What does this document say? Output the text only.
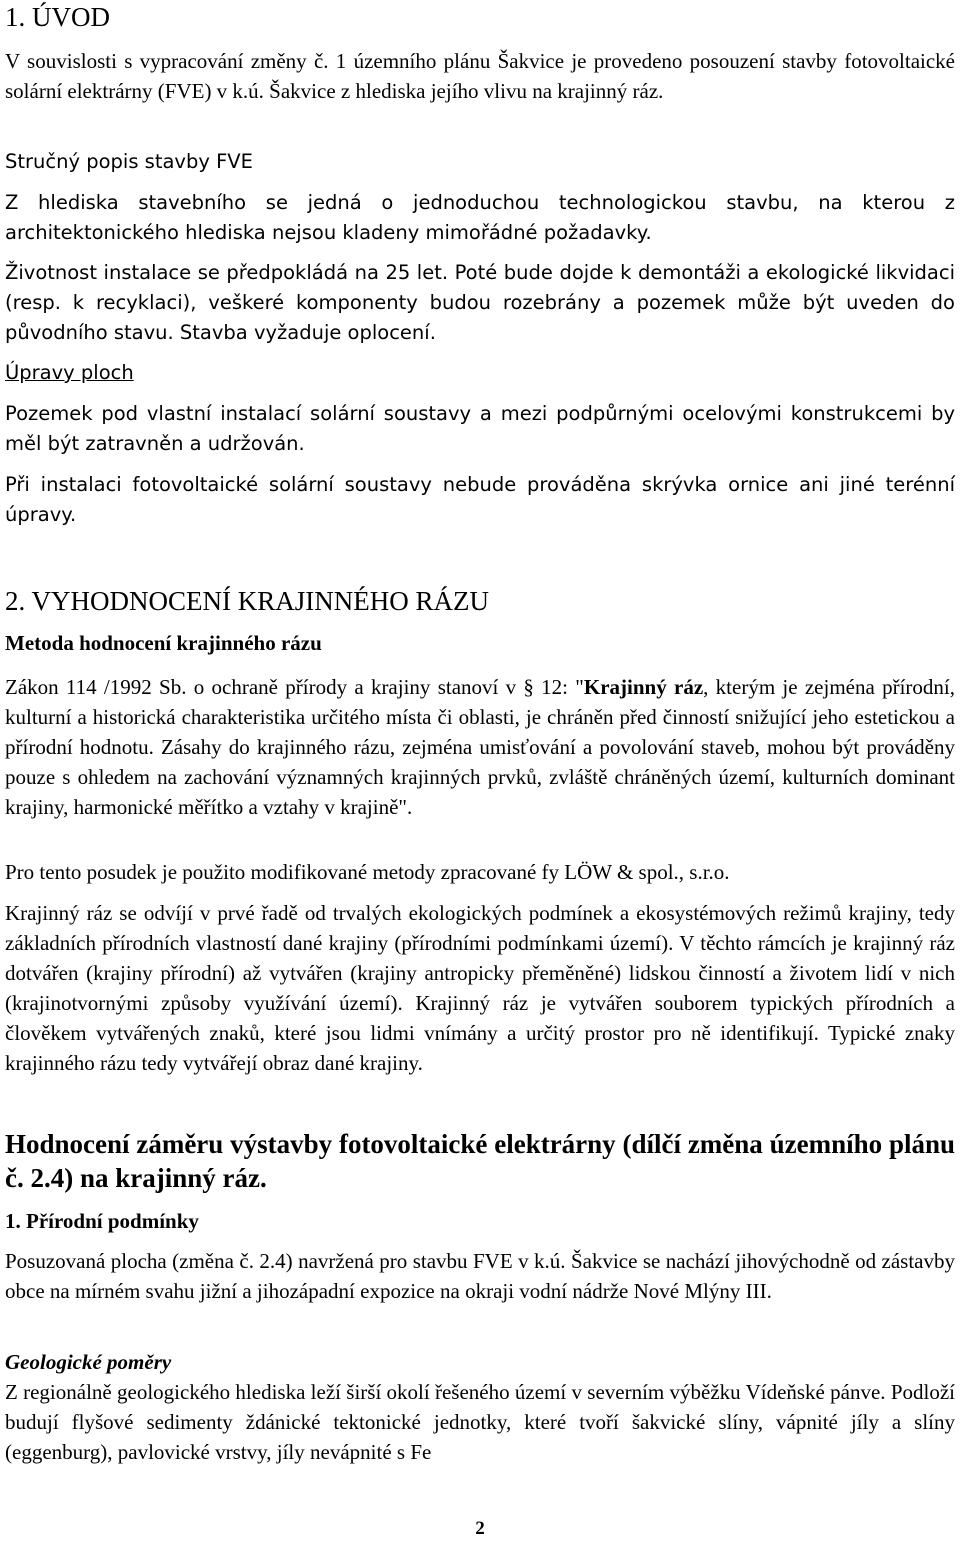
1. ÚVOD

V souvislosti s vypracování změny č. 1 územního plánu Šakvice je provedeno posouzení stavby fotovoltaické solární elektrárny (FVE) v k.ú. Šakvice z hlediska jejího vlivu na krajinný ráz.

Stručný popis stavby FVE

Z hlediska stavebního se jedná o jednoduchou technologickou stavbu, na kterou z architektonického hlediska nejsou kladeny mimořádné požadavky.

Životnost instalace se předpokládá na 25 let. Poté bude dojde k demontáži a ekologické likvidaci (resp. k recyklaci), veškeré komponenty budou rozebrány a pozemek může být uveden do původního stavu. Stavba vyžaduje oplocení.

Úpravy ploch

Pozemek pod vlastní instalací solární soustavy a mezi podpůrnými ocelovými konstrukcemi by měl být zatravněn a udržován.

Při instalaci fotovoltaické solární soustavy nebude prováděna skrývka ornice ani jiné terénní úpravy.

2. VYHODNOCENÍ KRAJINNÉHO RÁZU

Metoda hodnocení krajinného rázu

Zákon 114 /1992 Sb. o ochraně přírody a krajiny stanoví v § 12: "Krajinný ráz, kterým je zejména přírodní, kulturní a historická charakteristika určitého místa či oblasti, je chráněn před činností snižující jeho estetickou a přírodní hodnotu. Zásahy do krajinného rázu, zejména umisťování a povolování staveb, mohou být prováděny pouze s ohledem na zachování významných krajinných prvků, zvláště chráněných území, kulturních dominant krajiny, harmonické měřítko a vztahy v krajině".

Pro tento posudek je použito modifikované metody zpracované fy LÖW & spol., s.r.o.

Krajinný ráz se odvíjí v prvé řadě od trvalých ekologických podmínek a ekosystémových režimů krajiny, tedy základních přírodních vlastností dané krajiny (přírodními podmínkami území). V těchto rámcích je krajinný ráz dotvářen (krajiny přírodní) až vytvářen (krajiny antropicky přeměněné) lidskou činností a životem lidí v nich (krajinotvornými způsoby využívání území). Krajinný ráz je vytvářen souborem typických přírodních a člověkem vytvářených znaků, které jsou lidmi vnímány a určitý prostor pro ně identifikují. Typické znaky krajinného rázu tedy vytvářejí obraz dané krajiny.

Hodnocení záměru výstavby fotovoltaické elektrárny (dílčí změna územního plánu č. 2.4) na krajinný ráz.

1. Přírodní podmínky

Posuzovaná plocha (změna č. 2.4) navržená pro stavbu FVE v k.ú. Šakvice se nachází jihovýchodně od zástavby obce na mírném svahu jižní a jihozápadní expozice na okraji vodní nádrže Nové Mlýny III.

Geologické poměry

Z regionálně geologického hlediska leží širší okolí řešeného území v severním výběžku Vídeňské pánve. Podloží budují flyšové sedimenty ždánické tektonické jednotky, které tvoří šakvické slíny, vápnité jíly a slíny (eggenburg), pavlovické vrstvy, jíly nevápnité s Fe

2
